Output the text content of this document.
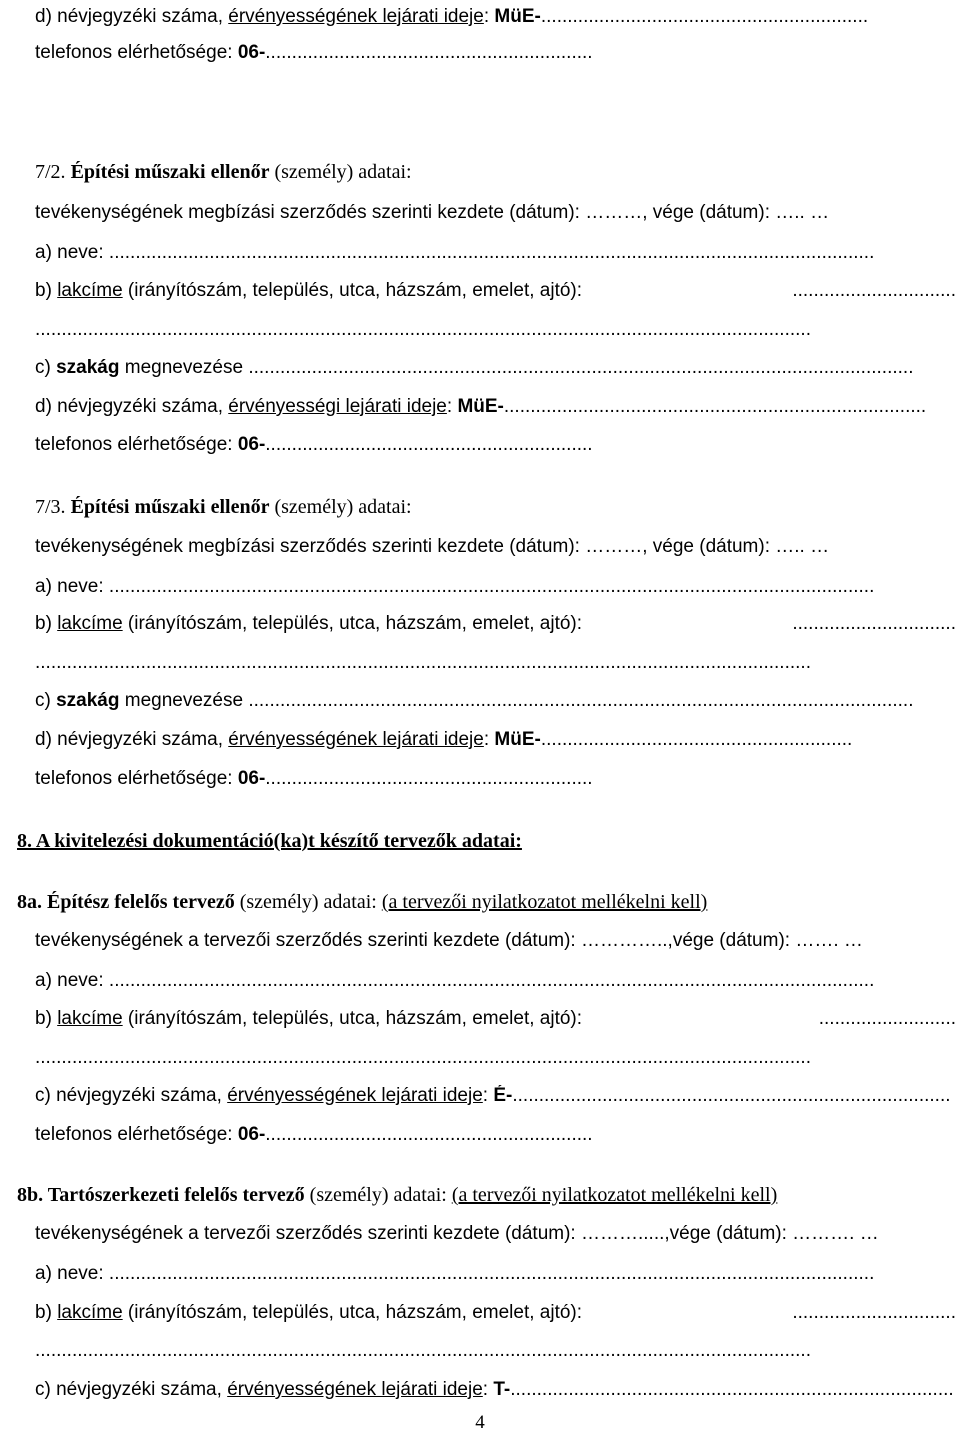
d) névjegyzéki száma, érvényességének lejárati ideje: MüE-..............................................................
telefonos elérhetősége: 06-..............................................................
7/2. Építési műszaki ellenőr (személy) adatai:
tevékenységének megbízási szerződés szerinti kezdete (dátum): ………, vége (dátum): ….. …
a) neve: .................................................................................................................................................
b) lakcíme (irányítószám, település, utca, házszám, emelet, ajtó):	...............................
...................................................................................................................................................
c) szakág megnevezése ..............................................................................................................................
d) névjegyzéki száma, érvényességi lejárati ideje: MüE-................................................................................
telefonos elérhetősége: 06-..............................................................
7/3. Építési műszaki ellenőr (személy) adatai:
tevékenységének megbízási szerződés szerinti kezdete (dátum): ………, vége (dátum): ….. …
a) neve: .................................................................................................................................................
b) lakcíme (irányítószám, település, utca, házszám, emelet, ajtó):	...............................
...................................................................................................................................................
c) szakág megnevezése ..............................................................................................................................
d) névjegyzéki száma, érvényességének lejárati ideje: MüE-...........................................................
telefonos elérhetősége: 06-..............................................................
8. A kivitelezési dokumentáció(ka)t készítő tervezők adatai:
8a. Építész felelős tervező (személy) adatai: (a tervezői nyilatkozatot mellékelni kell)
tevékenységének a tervezői szerződés szerinti kezdete (dátum): …………..,vége (dátum): ……. …
a) neve: .................................................................................................................................................
b) lakcíme (irányítószám, település, utca, házszám, emelet, ajtó):	..........................
...................................................................................................................................................
c) névjegyzéki száma, érvényességének lejárati ideje: É-...................................................................................
telefonos elérhetősége: 06-..............................................................
8b. Tartószerkezeti felelős tervező (személy) adatai: (a tervezői nyilatkozatot mellékelni kell)
tevékenységének a tervezői szerződés szerinti kezdete (dátum): ……….....,vége (dátum): ………. …
a) neve: .................................................................................................................................................
b) lakcíme (irányítószám, település, utca, házszám, emelet, ajtó):	...............................
...................................................................................................................................................
c) névjegyzéki száma, érvényességének lejárati ideje: T-....................................................................................
4
